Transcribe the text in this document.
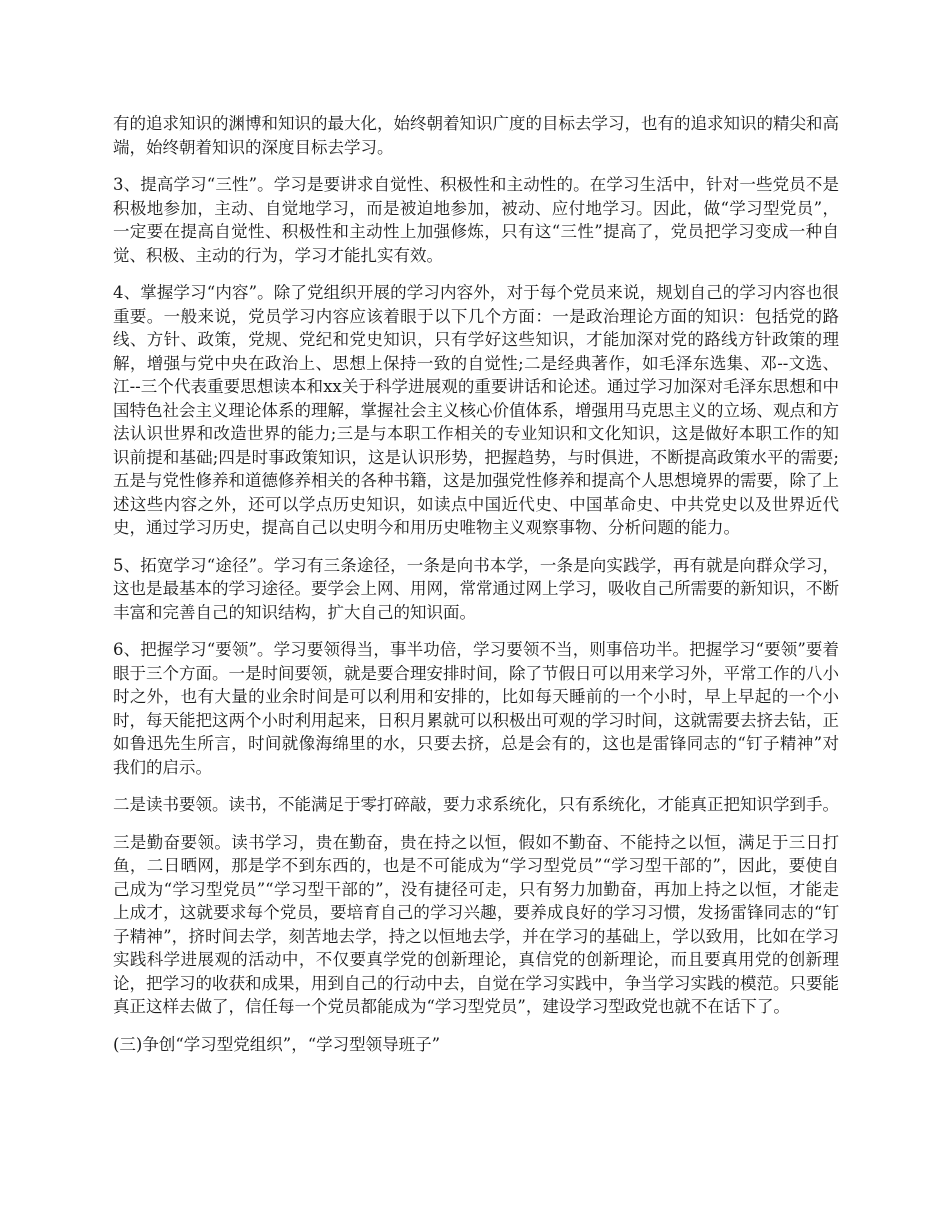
有的追求知识的渊博和知识的最大化，始终朝着知识广度的目标去学习，也有的追求知识的精尖和高端，始终朝着知识的深度目标去学习。

3、提高学习“三性”。学习是要讲求自觉性、积极性和主动性的。在学习生活中，针对一些党员不是积极地参加，主动、自觉地学习，而是被迫地参加，被动、应付地学习。因此，做“学习型党员”，一定要在提高自觉性、积极性和主动性上加强修炼，只有这“三性”提高了，党员把学习变成一种自觉、积极、主动的行为，学习才能扎实有效。

4、掌握学习“内容”。除了党组织开展的学习内容外，对于每个党员来说，规划自己的学习内容也很重要。一般来说，党员学习内容应该着眼于以下几个方面：一是政治理论方面的知识：包括党的路线、方针、政策，党规、党纪和党史知识，只有学好这些知识，才能加深对党的路线方针政策的理解，增强与党中央在政治上、思想上保持一致的自觉性;二是经典著作，如毛泽东选集、邓--文选、江--三个代表重要思想读本和xx关于科学进展观的重要讲话和论述。通过学习加深对毛泽东思想和中国特色社会主义理论体系的理解，掌握社会主义核心价值体系，增强用马克思主义的立场、观点和方法认识世界和改造世界的能力;三是与本职工作相关的专业知识和文化知识，这是做好本职工作的知识前提和基础;四是时事政策知识，这是认识形势，把握趋势，与时俱进，不断提高政策水平的需要;五是与党性修养和道德修养相关的各种书籍，这是加强党性修养和提高个人思想境界的需要，除了上述这些内容之外，还可以学点历史知识，如读点中国近代史、中国革命史、中共党史以及世界近代史，通过学习历史，提高自己以史明今和用历史唯物主义观察事物、分析问题的能力。

5、拓宽学习“途径”。学习有三条途径，一条是向书本学，一条是向实践学，再有就是向群众学习，这也是最基本的学习途径。要学会上网、用网，常常通过网上学习，吸收自己所需要的新知识，不断丰富和完善自己的知识结构，扩大自己的知识面。

6、把握学习“要领”。学习要领得当，事半功倍，学习要领不当，则事倍功半。把握学习“要领”要着眼于三个方面。一是时间要领，就是要合理安排时间，除了节假日可以用来学习外，平常工作的八小时之外，也有大量的业余时间是可以利用和安排的，比如每天睡前的一个小时，早上早起的一个小时，每天能把这两个小时利用起来，日积月累就可以积极出可观的学习时间，这就需要去挤去钻，正如鲁迅先生所言，时间就像海绵里的水，只要去挤，总是会有的，这也是雷锋同志的“钉子精神”对我们的启示。

二是读书要领。读书，不能满足于零打碎敲，要力求系统化，只有系统化，才能真正把知识学到手。

三是勤奋要领。读书学习，贵在勤奋，贵在持之以恒，假如不勤奋、不能持之以恒，满足于三日打鱼，二日晒网，那是学不到东西的，也是不可能成为“学习型党员”“学习型干部的”，因此，要使自己成为“学习型党员”“学习型干部的”，没有捷径可走，只有努力加勤奋，再加上持之以恒，才能走上成才，这就要求每个党员，要培育自己的学习兴趣，要养成良好的学习习惯，发扬雷锋同志的“钉子精神”，挤时间去学，刻苦地去学，持之以恒地去学，并在学习的基础上，学以致用，比如在学习实践科学进展观的活动中，不仅要真学党的创新理论，真信党的创新理论，而且要真用党的创新理论，把学习的收获和成果，用到自己的行动中去，自觉在学习实践中，争当学习实践的模范。只要能真正这样去做了，信任每一个党员都能成为“学习型党员”，建设学习型政党也就不在话下了。

(三)争创“学习型党组织”，“学习型领导班子”
